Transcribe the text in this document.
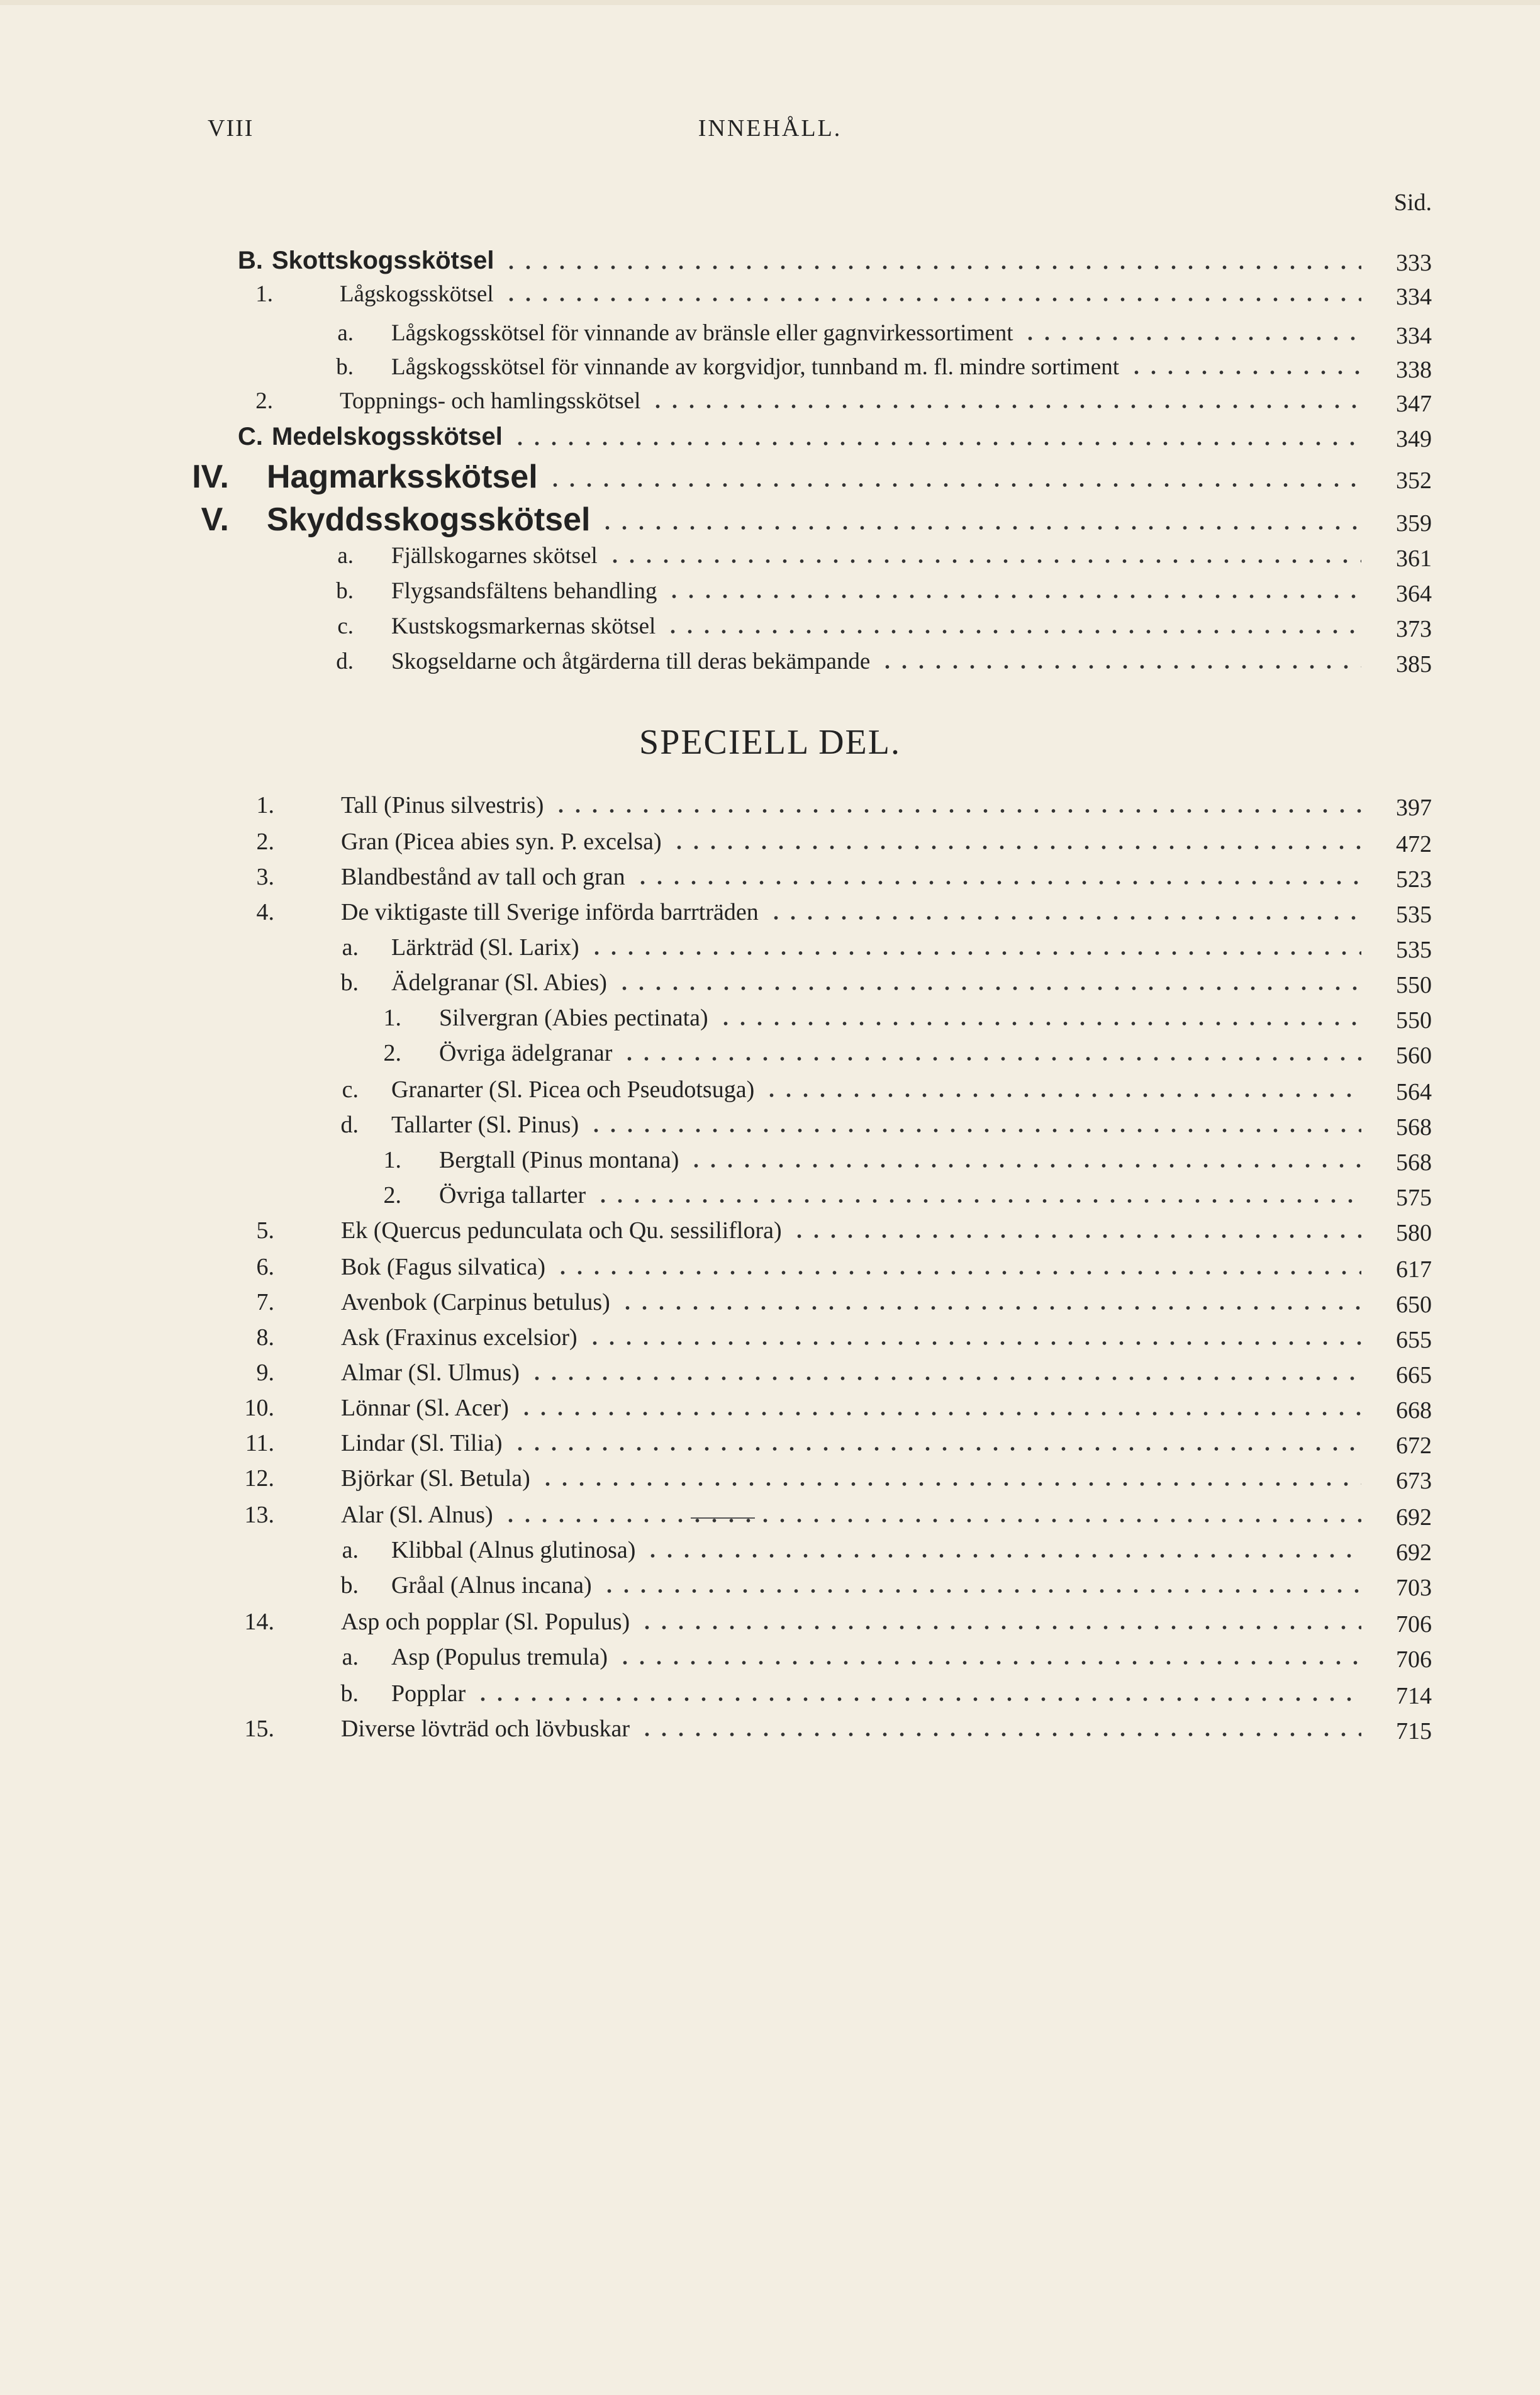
VIII	INNEHÅLL.
Sid.
B. Skottskogsskötsel	333
1.	Lågskogsskötsel	334
a. Lågskogsskötsel för vinnande av bränsle eller gagnvirkessortiment	334
b. Lågskogsskötsel för vinnande av korgvidjor, tunnband m. fl. mindre sortiment	338
2.	Toppnings- och hamlingsskötsel	347
C. Medelskogsskötsel	349
IV. Hagmarksskötsel	352
V. Skyddsskogsskötsel	359
a. Fjällskogarnes skötsel	361
b. Flygsandsfältens behandling	364
c. Kustskogsmarkernas skötsel	373
d. Skogseldarne och åtgärderna till deras bekämpande	385
1.	Tall (Pinus silvestris)	397
2.	Gran (Picea abies syn. P. excelsa)	472
3.	Blandbestånd av tall och gran	523
4.	De viktigaste till Sverige införda barrträden	535
a. Lärkträd (Sl. Larix)	535
b. Ädelgranar (Sl. Abies)	550
1. Silvergran (Abies pectinata)	550
2. Övriga ädelgranar	560
c. Granarter (Sl. Picea och Pseudotsuga)	564
d. Tallarter (Sl. Pinus)	568
1. Bergtall (Pinus montana)	568
2. Övriga tallarter	575
5.	Ek (Quercus pedunculata och Qu. sessiliflora)	580
6.	Bok (Fagus silvatica)	617
7.	Avenbok (Carpinus betulus)	650
8.	Ask (Fraxinus excelsior)	655
9.	Almar (Sl. Ulmus)	665
10.	Lönnar (Sl. Acer)	668
11.	Lindar (Sl. Tilia)	672
12.	Björkar (Sl. Betula)	673
13.	Alar (Sl. Alnus)	692
a. Klibbal (Alnus glutinosa)	692
b. Gråal (Alnus incana)	703
14.	Asp och popplar (Sl. Populus)	706
a. Asp (Populus tremula)	706
b. Popplar	714
15.	Diverse lövträd och lövbuskar	715
SPECIELL DEL.
